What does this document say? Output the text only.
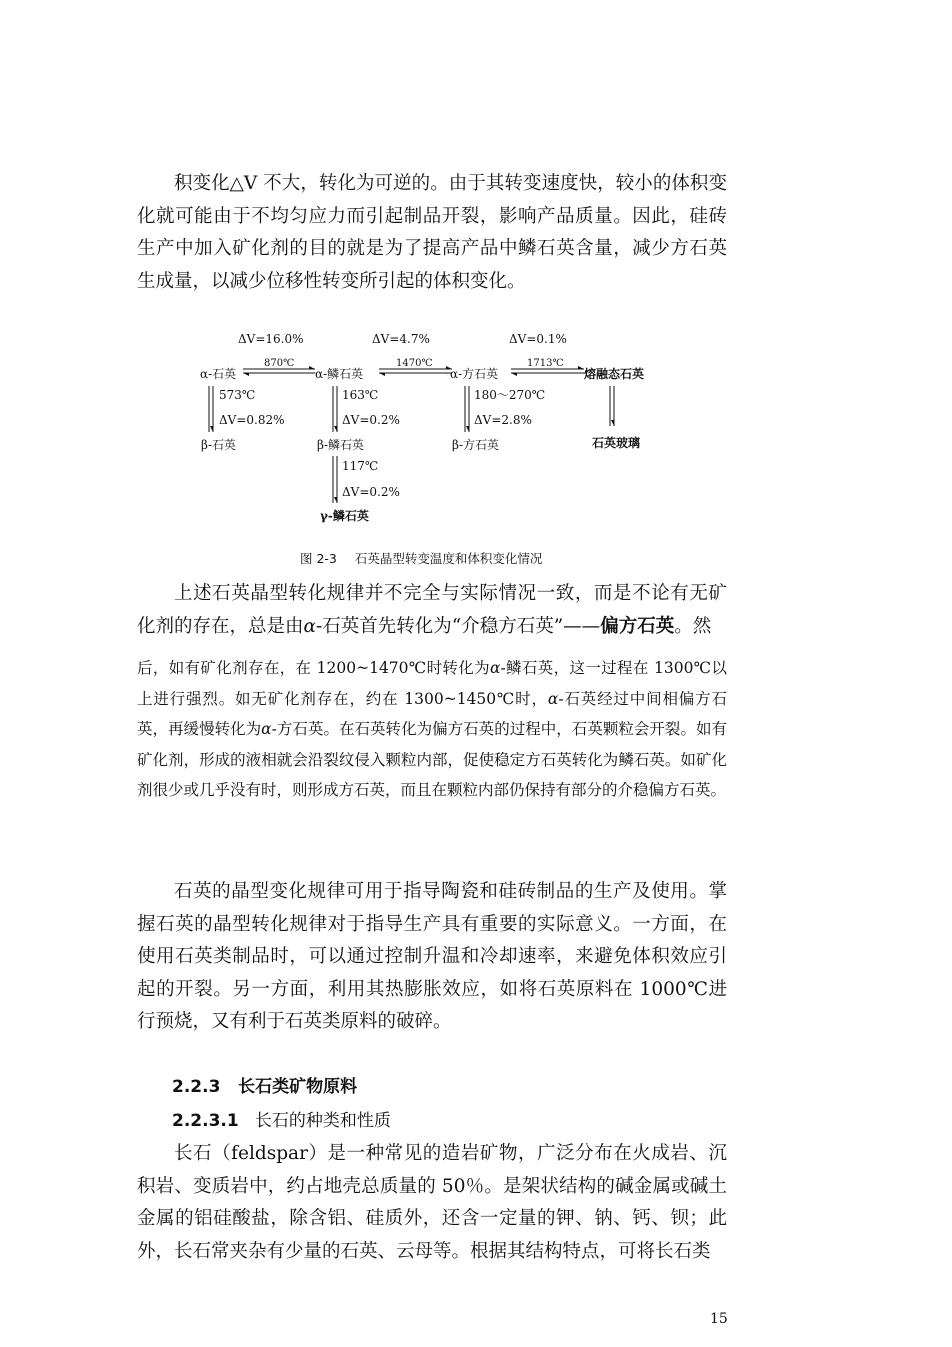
积变化△V 不大，转化为可逆的。由于其转变速度快，较小的体积变化就可能由于不均匀应力而引起制品开裂，影响产品质量。因此，硅砖生产中加入矿化剂的目的就是为了提高产品中鳞石英含量，减少方石英生成量，以减少位移性转变所引起的体积变化。
ΔV=16.0%	ΔV=4.7%	ΔV=0.1%
870℃	1470℃	1713℃
α-石英	α-鳞石英	α-方石英	熔融态石英
573℃
ΔV=0.82%
163℃
ΔV=0.2%
180～270℃
ΔV=2.8%
β-石英	β-鳞石英	β-方石英	石英玻璃
117℃
ΔV=0.2%
γ-鳞石英
图 2-3 石英晶型转变温度和体积变化情况
上述石英晶型转化规律并不完全与实际情况一致，而是不论有无矿化剂的存在，总是由α-石英首先转化为“介稳方石英”——偏方石英。然
后，如有矿化剂存在，在 1200~1470℃时转化为α-鳞石英，这一过程在 1300℃以上进行强烈。如无矿化剂存在，约在 1300~1450℃时，α-石英经过中间相偏方石英，再缓慢转化为α-方石英。在石英转化为偏方石英的过程中，石英颗粒会开裂。如有矿化剂，形成的液相就会沿裂纹侵入颗粒内部，促使稳定方石英转化为鳞石英。如矿化剂很少或几乎没有时，则形成方石英，而且在颗粒内部仍保持有部分的介稳偏方石英。
石英的晶型变化规律可用于指导陶瓷和硅砖制品的生产及使用。掌握石英的晶型转化规律对于指导生产具有重要的实际意义。一方面，在使用石英类制品时，可以通过控制升温和冷却速率，来避免体积效应引起的开裂。另一方面，利用其热膨胀效应，如将石英原料在 1000℃进行预烧，又有利于石英类原料的破碎。
2.2.3 长石类矿物原料
2.2.3.1 长石的种类和性质
长石（feldspar）是一种常见的造岩矿物，广泛分布在火成岩、沉积岩、变质岩中，约占地壳总质量的 50％。是架状结构的碱金属或碱土金属的铝硅酸盐，除含铝、硅质外，还含一定量的钾、钠、钙、钡；此外，长石常夹杂有少量的石英、云母等。根据其结构特点，可将长石类
15
